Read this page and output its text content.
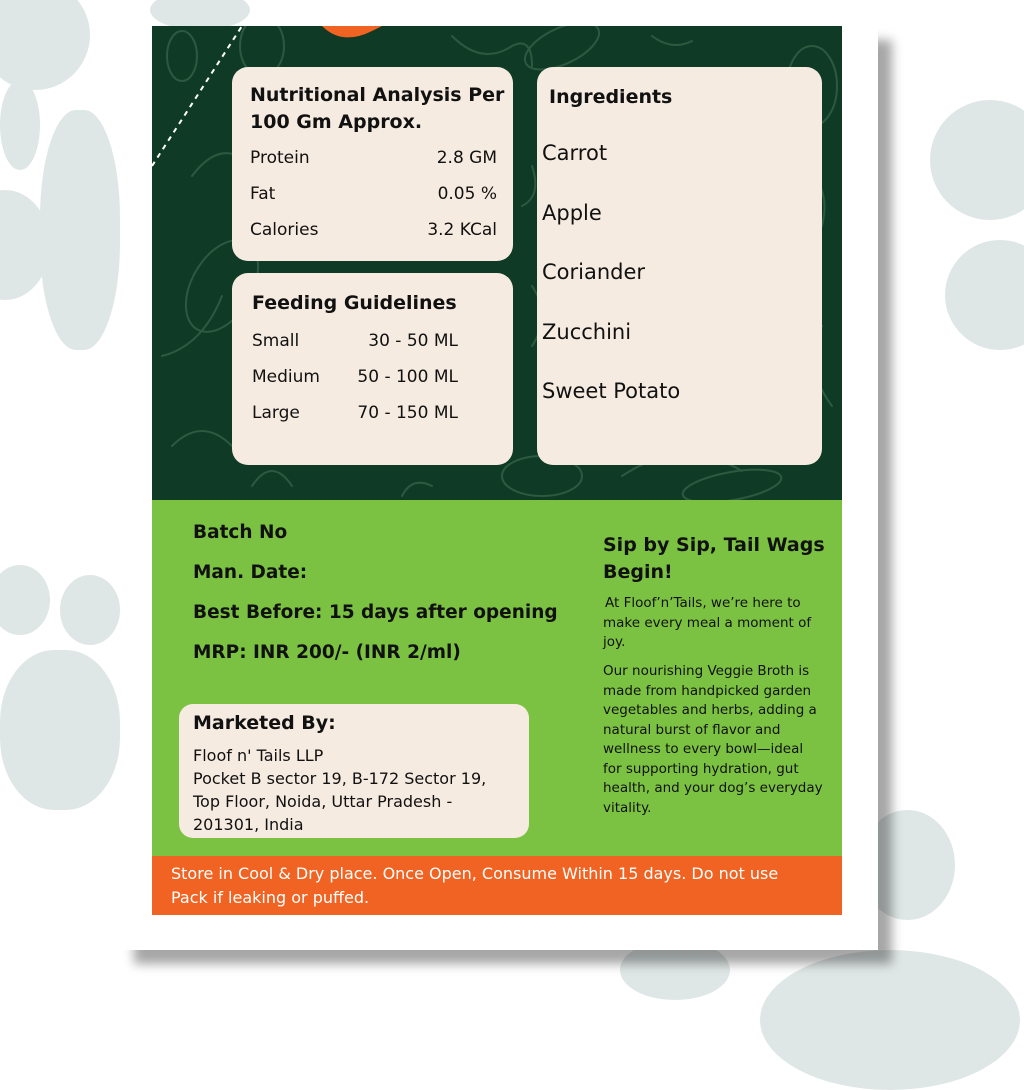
Nutritional Analysis Per
100 Gm Approx.
Protein	2.8 GM
Fat	0.05 %
Calories	3.2 KCal
Feeding Guidelines
Small	30 - 50 ML
Medium	50 - 100 ML
Large	70 - 150 ML
Ingredients
Carrot
Apple
Coriander
Zucchini
Sweet Potato
Batch No
Man. Date:
Best Before: 15 days after opening
MRP: INR 200/- (INR 2/ml)
Marketed By:
Floof n' Tails LLP
Pocket B sector 19, B-172 Sector 19,
Top Floor, Noida, Uttar Pradesh -
201301, India
Sip by Sip, Tail Wags
Begin!
At Floof’n’Tails, we’re here to
make every meal a moment of
joy.
Our nourishing Veggie Broth is
made from handpicked garden
vegetables and herbs, adding a
natural burst of flavor and
wellness to every bowl—ideal
for supporting hydration, gut
health, and your dog’s everyday
vitality.
Store in Cool & Dry place. Once Open, Consume Within 15 days. Do not use
Pack if leaking or puffed.
